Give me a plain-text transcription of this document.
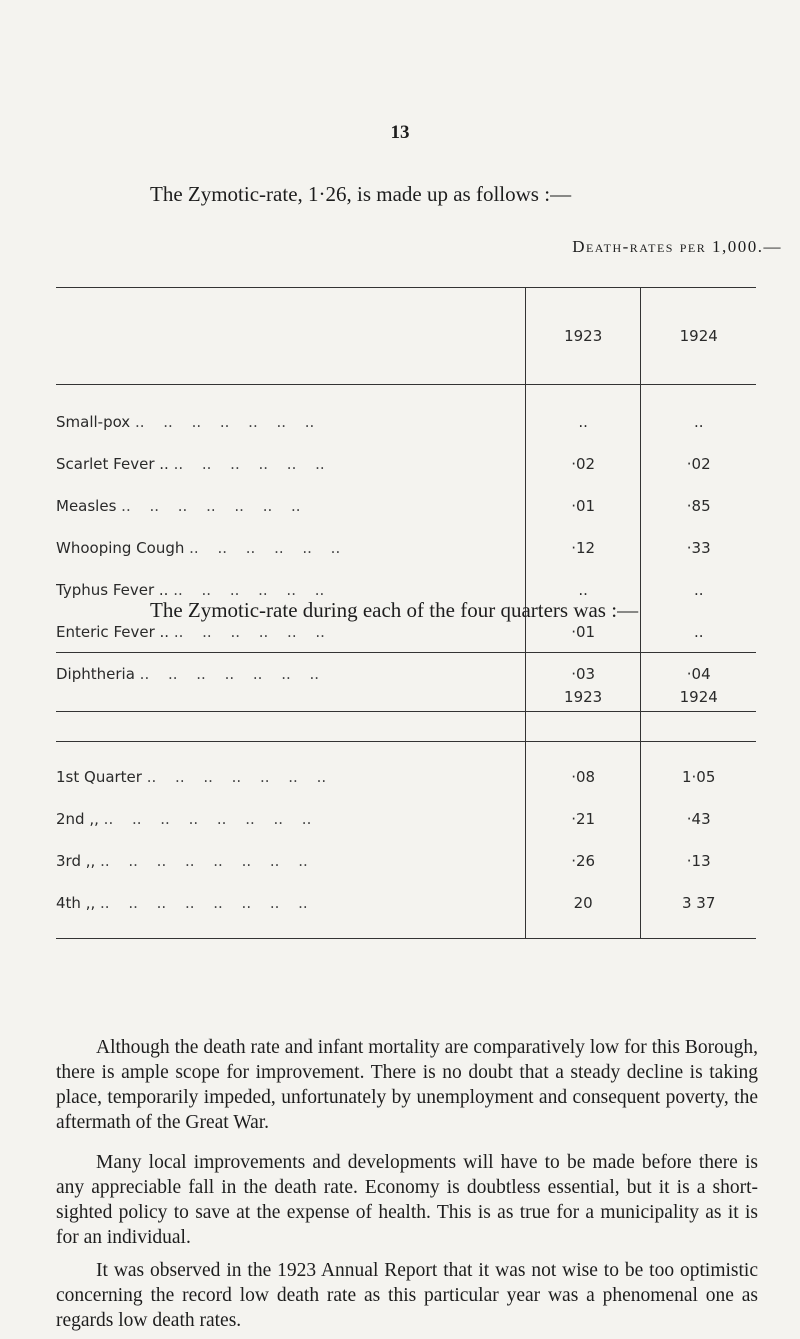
13
The Zymotic-rate, 1·26, is made up as follows :—
Death-rates per 1,000.—
	1923	1924

Small-pox .. .. .. .. .. .. ..	..	..
Scarlet Fever .. .. .. .. .. .. ..	·02	·02
Measles .. .. .. .. .. .. ..	·01	·85
Whooping Cough .. .. .. .. .. ..	·12	·33
Typhus Fever .. .. .. .. .. .. ..	..	..
Enteric Fever .. .. .. .. .. .. ..	·01	..
Diphtheria .. .. .. .. .. .. ..	·03	·04

The Zymotic-rate during each of the four quarters was :—
	1923	1924

1st Quarter .. .. .. .. .. .. ..	·08	1·05
2nd ,, .. .. .. .. .. .. .. ..	·21	·43
3rd ,, .. .. .. .. .. .. .. ..	·26	·13
4th ,, .. .. .. .. .. .. .. ..	20	3 37

Although the death rate and infant mortality are comparatively low for this Borough, there is ample scope for improvement. There is no doubt that a steady decline is taking place, temporarily impeded, unfortunately by unemployment and consequent poverty, the aftermath of the Great War.

Many local improvements and developments will have to be made before there is any appreciable fall in the death rate. Economy is doubtless essential, but it is a short-sighted policy to save at the expense of health. This is as true for a municipality as it is for an individual.

It was observed in the 1923 Annual Report that it was not wise to be too optimistic concerning the record low death rate as this particular year was a phenomenal one as regards low death rates.
